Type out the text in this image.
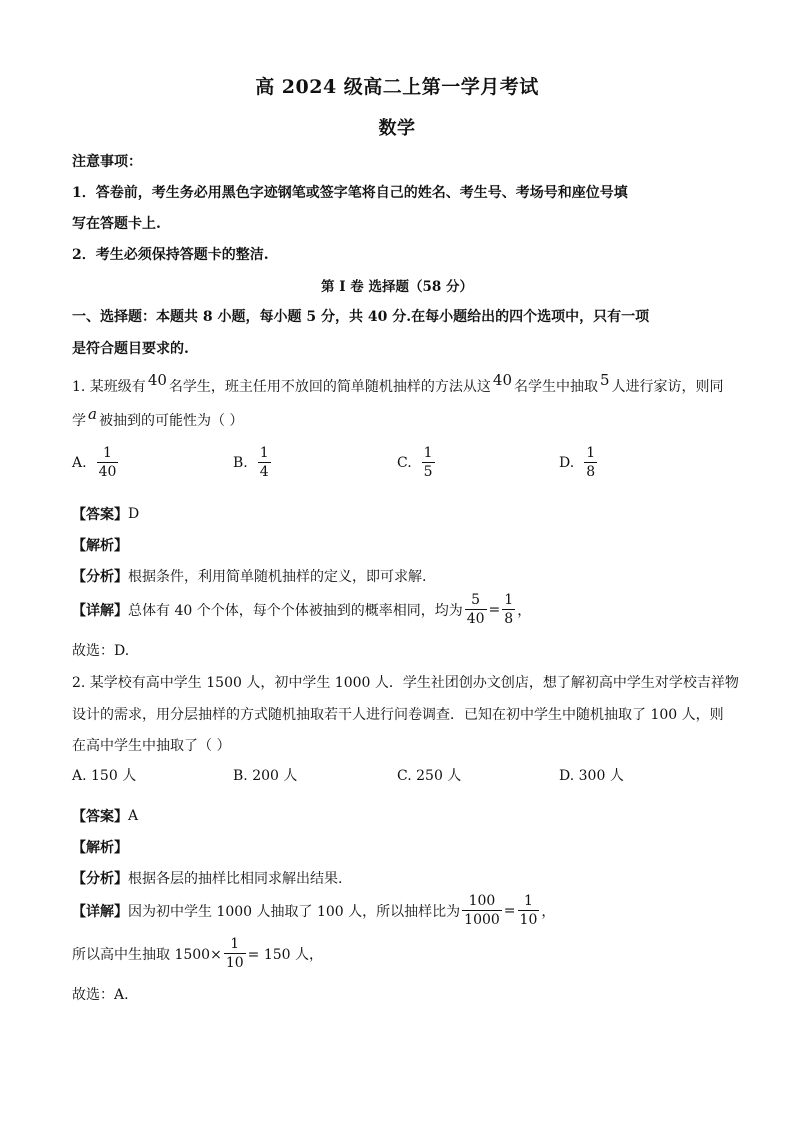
高 2024 级高二上第一学月考试
数学
注意事项：
1．答卷前，考生务必用黑色字迹钢笔或签字笔将自己的姓名、考生号、考场号和座位号填
写在答题卡上.
2．考生必须保持答题卡的整洁.
第 I 卷 选择题（58 分）
一、选择题：本题共 8 小题，每小题 5 分，共 40 分.在每小题给出的四个选项中，只有一项
是符合题目要求的.
1. 某班级有 40 名学生，班主任用不放回的简单随机抽样的方法从这 40 名学生中抽取 5 人进行家访，则同
学 a 被抽到的可能性为（ ）
A. $\frac{1}{40}$	B. $\frac{1}{4}$	C. $\frac{1}{5}$	D. $\frac{1}{8}$
【答案】 D
【解析】
【分析】 根据条件，利用简单随机抽样的定义，即可求解.
【详解】 总体有 40 个个体，每个个体被抽到的概率相同，均为 $\frac{5}{40} = \frac{1}{8}$ ，
故选：D.
2. 某学校有高中学生 1500 人，初中学生 1000 人．学生社团创办文创店，想了解初高中学生对学校吉祥物
设计的需求，用分层抽样的方式随机抽取若干人进行问卷调查．已知在初中学生中随机抽取了 100 人，则
在高中学生中抽取了（ ）
A. 150 人	B. 200 人	C. 250 人	D. 300 人
【答案】 A
【解析】
【分析】 根据各层的抽样比相同求解出结果.
【详解】 因为初中学生 1000 人抽取了 100 人，所以抽样比为 $\frac{100}{1000} = \frac{1}{10}$ ，
所以高中生抽取 $1500\times \frac{1}{10} = 150$ 人，
故选：A.
